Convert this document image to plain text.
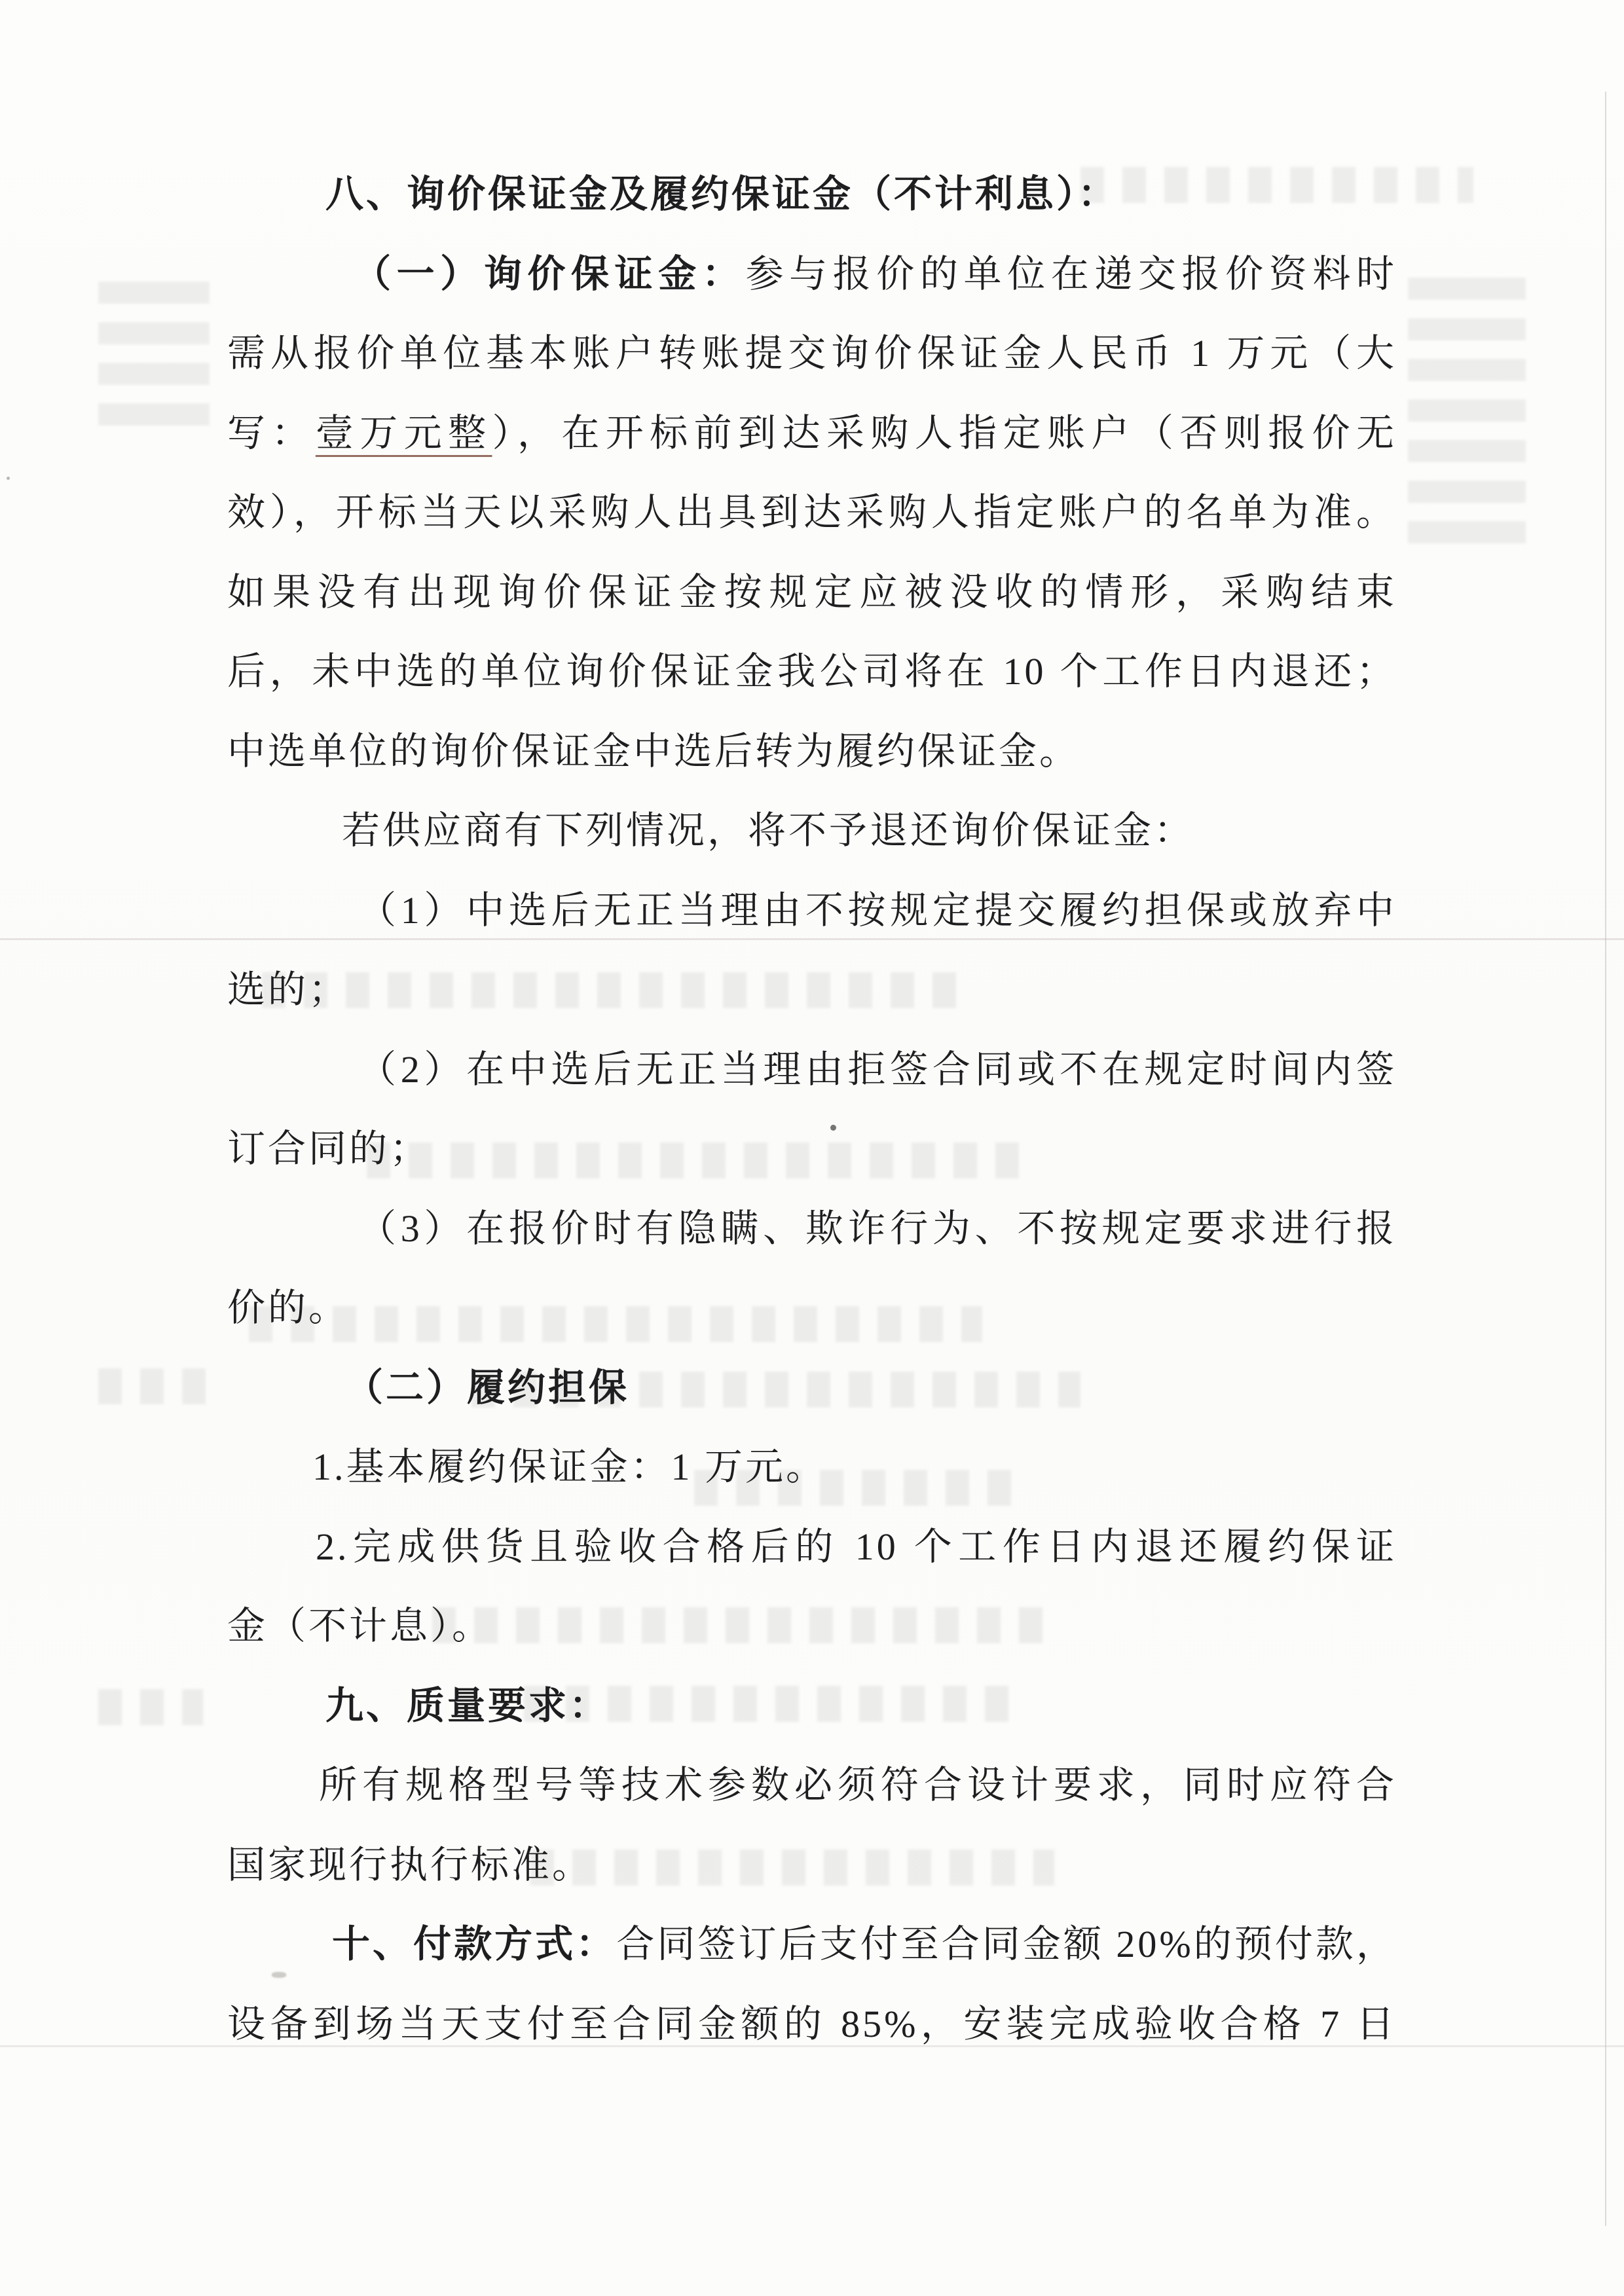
八、询价保证金及履约保证金（不计利息）：
（一）询价保证金：参与报价的单位在递交报价资料时
需从报价单位基本账户转账提交询价保证金人民币 1 万元（大
写：壹万元整），在开标前到达采购人指定账户（否则报价无
效），开标当天以采购人出具到达采购人指定账户的名单为准。
如果没有出现询价保证金按规定应被没收的情形，采购结束
后，未中选的单位询价保证金我公司将在 10 个工作日内退还；
中选单位的询价保证金中选后转为履约保证金。
若供应商有下列情况，将不予退还询价保证金：
（1）中选后无正当理由不按规定提交履约担保或放弃中
选的；
（2）在中选后无正当理由拒签合同或不在规定时间内签
订合同的；
（3）在报价时有隐瞒、欺诈行为、不按规定要求进行报
价的。
（二）履约担保
1.基本履约保证金：1 万元。
2.完成供货且验收合格后的 10 个工作日内退还履约保证
金（不计息）。
九、质量要求：
所有规格型号等技术参数必须符合设计要求，同时应符合
国家现行执行标准。
十、付款方式：合同签订后支付至合同金额 20%的预付款，
设备到场当天支付至合同金额的 85%，安装完成验收合格 7 日
